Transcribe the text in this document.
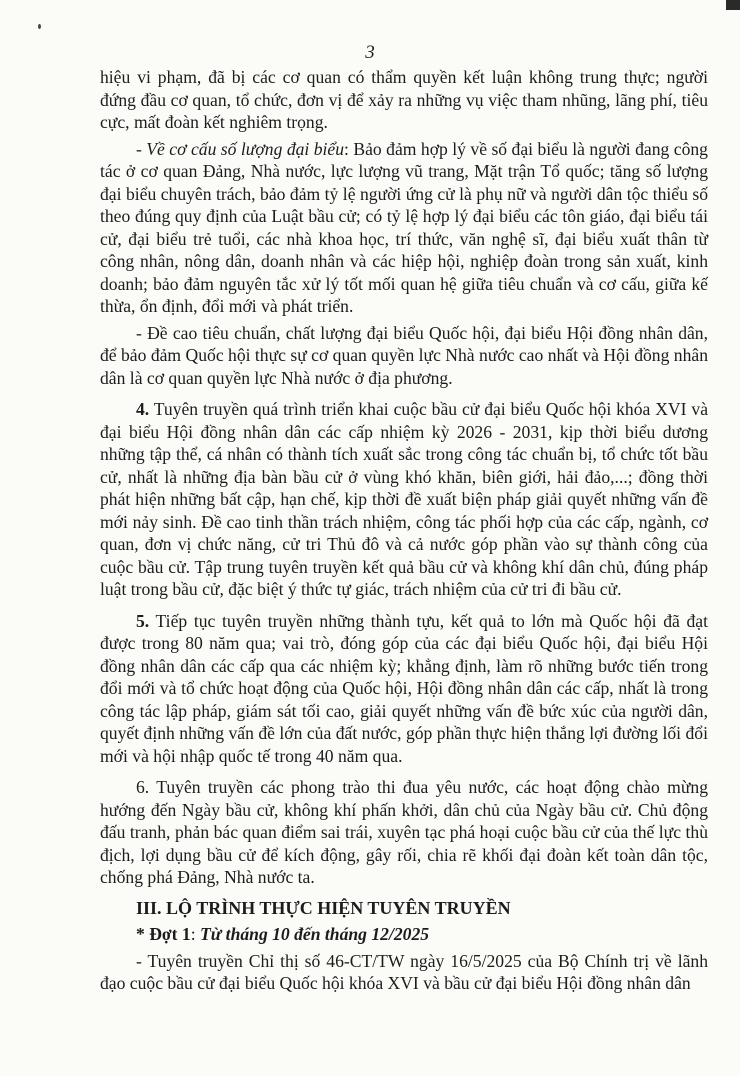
3

hiệu vi phạm, đã bị các cơ quan có thẩm quyền kết luận không trung thực; người đứng đầu cơ quan, tổ chức, đơn vị để xảy ra những vụ việc tham nhũng, lãng phí, tiêu cực, mất đoàn kết nghiêm trọng.

- Về cơ cấu số lượng đại biểu: Bảo đảm hợp lý về số đại biểu là người đang công tác ở cơ quan Đảng, Nhà nước, lực lượng vũ trang, Mặt trận Tổ quốc; tăng số lượng đại biểu chuyên trách, bảo đảm tỷ lệ người ứng cử là phụ nữ và người dân tộc thiểu số theo đúng quy định của Luật bầu cử; có tỷ lệ hợp lý đại biểu các tôn giáo, đại biểu tái cử, đại biểu trẻ tuổi, các nhà khoa học, trí thức, văn nghệ sĩ, đại biểu xuất thân từ công nhân, nông dân, doanh nhân và các hiệp hội, nghiệp đoàn trong sản xuất, kinh doanh; bảo đảm nguyên tắc xử lý tốt mối quan hệ giữa tiêu chuẩn và cơ cấu, giữa kế thừa, ổn định, đổi mới và phát triển.

- Đề cao tiêu chuẩn, chất lượng đại biểu Quốc hội, đại biểu Hội đồng nhân dân, để bảo đảm Quốc hội thực sự cơ quan quyền lực Nhà nước cao nhất và Hội đồng nhân dân là cơ quan quyền lực Nhà nước ở địa phương.

4. Tuyên truyền quá trình triển khai cuộc bầu cử đại biểu Quốc hội khóa XVI và đại biểu Hội đồng nhân dân các cấp nhiệm kỳ 2026 - 2031, kịp thời biểu dương những tập thể, cá nhân có thành tích xuất sắc trong công tác chuẩn bị, tổ chức tốt bầu cử, nhất là những địa bàn bầu cử ở vùng khó khăn, biên giới, hải đảo,...; đồng thời phát hiện những bất cập, hạn chế, kịp thời đề xuất biện pháp giải quyết những vấn đề mới nảy sinh. Đề cao tinh thần trách nhiệm, công tác phối hợp của các cấp, ngành, cơ quan, đơn vị chức năng, cử tri Thủ đô và cả nước góp phần vào sự thành công của cuộc bầu cử. Tập trung tuyên truyền kết quả bầu cử và không khí dân chủ, đúng pháp luật trong bầu cử, đặc biệt ý thức tự giác, trách nhiệm của cử tri đi bầu cử.

5. Tiếp tục tuyên truyền những thành tựu, kết quả to lớn mà Quốc hội đã đạt được trong 80 năm qua; vai trò, đóng góp của các đại biểu Quốc hội, đại biểu Hội đồng nhân dân các cấp qua các nhiệm kỳ; khẳng định, làm rõ những bước tiến trong đổi mới và tổ chức hoạt động của Quốc hội, Hội đồng nhân dân các cấp, nhất là trong công tác lập pháp, giám sát tối cao, giải quyết những vấn đề bức xúc của người dân, quyết định những vấn đề lớn của đất nước, góp phần thực hiện thắng lợi đường lối đổi mới và hội nhập quốc tế trong 40 năm qua.

6. Tuyên truyền các phong trào thi đua yêu nước, các hoạt động chào mừng hướng đến Ngày bầu cử, không khí phấn khởi, dân chủ của Ngày bầu cử. Chủ động đấu tranh, phản bác quan điểm sai trái, xuyên tạc phá hoại cuộc bầu cử của thế lực thù địch, lợi dụng bầu cử để kích động, gây rối, chia rẽ khối đại đoàn kết toàn dân tộc, chống phá Đảng, Nhà nước ta.

III. LỘ TRÌNH THỰC HIỆN TUYÊN TRUYỀN

* Đợt 1: Từ tháng 10 đến tháng 12/2025

- Tuyên truyền Chỉ thị số 46-CT/TW ngày 16/5/2025 của Bộ Chính trị về lãnh đạo cuộc bầu cử đại biểu Quốc hội khóa XVI và bầu cử đại biểu Hội đồng nhân dân
